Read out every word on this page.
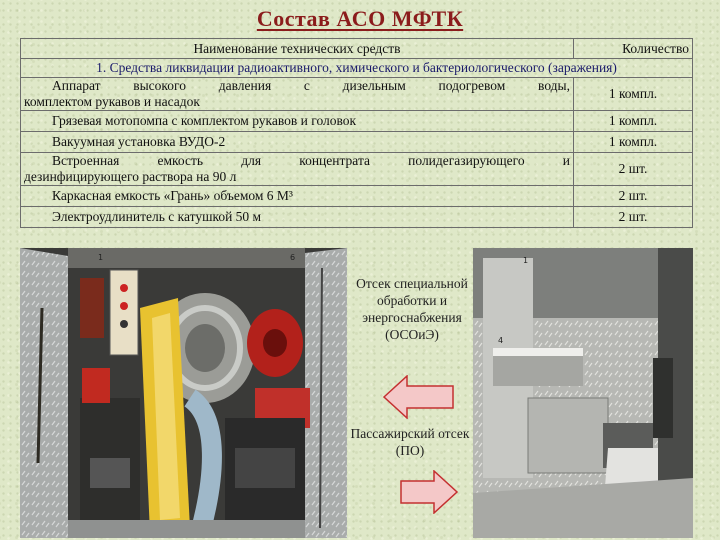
Состав АСО МФТК
Наименование технических средств	Количество
1. Средства ликвидации радиоактивного, химического и бактериологического (заражения)	

Аппарат высокого давления с дизельным подогревом воды,
комплектом рукавов и насадок	1 компл.
Грязевая мотопомпа с комплектом рукавов и головок	1 компл.
Вакуумная установка ВУДО-2	1 компл.

Встроенная емкость для концентрата полидегазирующего и
дезинфицирующего раствора на 90 л	2 шт.
Каркасная емкость «Грань» объемом 6 М³	2 шт.
Электроудлинитель с катушкой 50 м	2 шт.
1	6	1
4
Отсек специальной обработки и энергоснабжения (ОСОиЭ)
Пассажирский отсек (ПО)
